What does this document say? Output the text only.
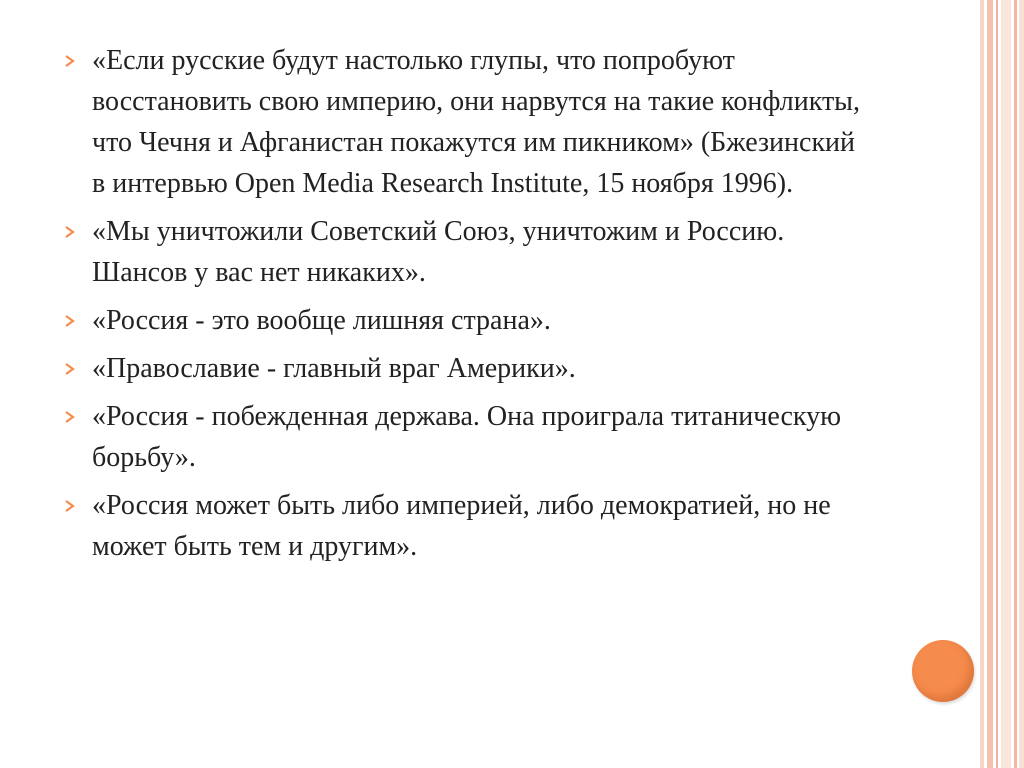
«Если русские будут настолько глупы, что попробуют восстановить свою империю, они нарвутся на такие конфликты, что Чечня и Афганистан покажутся им пикником» (Бжезинский в интервью Open Media Research Institute, 15 ноября 1996).
«Мы уничтожили Советский Союз, уничтожим и Россию. Шансов у вас нет никаких».
«Россия - это вообще лишняя страна».
«Православие - главный враг Америки».
«Россия - побежденная держава. Она проиграла титаническую борьбу».
«Россия может быть либо империей, либо демократией, но не может быть тем и другим».
